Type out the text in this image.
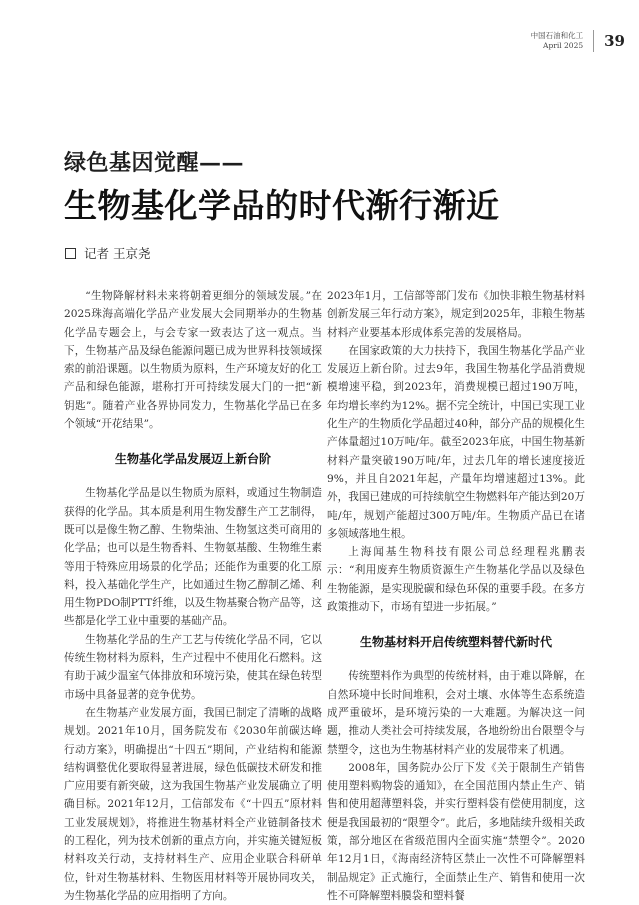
中国石油和化工
April 2025 39
绿色基因觉醒——
生物基化学品的时代渐行渐近
记者 王京尧

“生物降解材料未来将朝着更细分的领域发展。”在2025珠海高端化学品产业发展大会同期举办的生物基化学品专题会上，与会专家一致表达了这一观点。当下，生物基产品及绿色能源问题已成为世界科技领域探索的前沿课题。以生物质为原料，生产环境友好的化工产品和绿色能源，堪称打开可持续发展大门的一把“新钥匙”。随着产业各界协同发力，生物基化学品已在多个领域“开花结果”。

生物基化学品发展迈上新台阶

生物基化学品是以生物质为原料，或通过生物制造获得的化学品。其本质是利用生物发酵生产工艺制得，既可以是像生物乙醇、生物柴油、生物氢这类可商用的化学品；也可以是生物香料、生物氨基酸、生物维生素等用于特殊应用场景的化学品；还能作为重要的化工原料，投入基础化学生产，比如通过生物乙醇制乙烯、利用生物PDO制PTT纤维，以及生物基聚合物产品等，这些都是化学工业中重要的基础产品。

生物基化学品的生产工艺与传统化学品不同，它以传统生物材料为原料，生产过程中不使用化石燃料。这有助于减少温室气体排放和环境污染，使其在绿色转型市场中具备显著的竞争优势。

在生物基产业发展方面，我国已制定了清晰的战略规划。2021年10月，国务院发布《2030年前碳达峰行动方案》，明确提出“十四五”期间，产业结构和能源结构调整优化要取得显著进展，绿色低碳技术研发和推广应用要有新突破，这为我国生物基产业发展确立了明确目标。2021年12月，工信部发布《“十四五”原材料工业发展规划》，将推进生物基材料全产业链制备技术的工程化，列为技术创新的重点方向，并实施关键短板材料攻关行动，支持材料生产、应用企业联合科研单位，针对生物基材料、生物医用材料等开展协同攻关，为生物基化学品的应用指明了方向。

2023年1月，工信部等部门发布《加快非粮生物基材料创新发展三年行动方案》，规定到2025年，非粮生物基材料产业要基本形成体系完善的发展格局。

在国家政策的大力扶持下，我国生物基化学品产业发展迈上新台阶。过去9年，我国生物基化学品消费规模增速平稳，到2023年，消费规模已超过190万吨，年均增长率约为12%。据不完全统计，中国已实现工业化生产的生物质化学品超过40种，部分产品的规模化生产体量超过10万吨/年。截至2023年底，中国生物基新材料产量突破190万吨/年，过去几年的增长速度接近9%，并且自2021年起，产量年均增速超过13%。此外，我国已建成的可持续航空生物燃料年产能达到20万吨/年，规划产能超过300万吨/年。生物质产品已在诸多领域落地生根。

上海闻基生物科技有限公司总经理程兆鹏表示：“利用废弃生物质资源生产生物基化学品以及绿色生物能源，是实现脱碳和绿色环保的重要手段。在多方政策推动下，市场有望进一步拓展。”

生物基材料开启传统塑料替代新时代

传统塑料作为典型的传统材料，由于难以降解，在自然环境中长时间堆积，会对土壤、水体等生态系统造成严重破坏，是环境污染的一大难题。为解决这一问题，推动人类社会可持续发展，各地纷纷出台限塑令与禁塑令，这也为生物基材料产业的发展带来了机遇。

2008年，国务院办公厅下发《关于限制生产销售使用塑料购物袋的通知》，在全国范围内禁止生产、销售和使用超薄塑料袋，并实行塑料袋有偿使用制度，这便是我国最初的“限塑令”。此后，多地陆续升级相关政策，部分地区在省级范围内全面实施“禁塑令”。2020年12月1日，《海南经济特区禁止一次性不可降解塑料制品规定》正式施行，全面禁止生产、销售和使用一次性不可降解塑料膜袋和塑料餐
